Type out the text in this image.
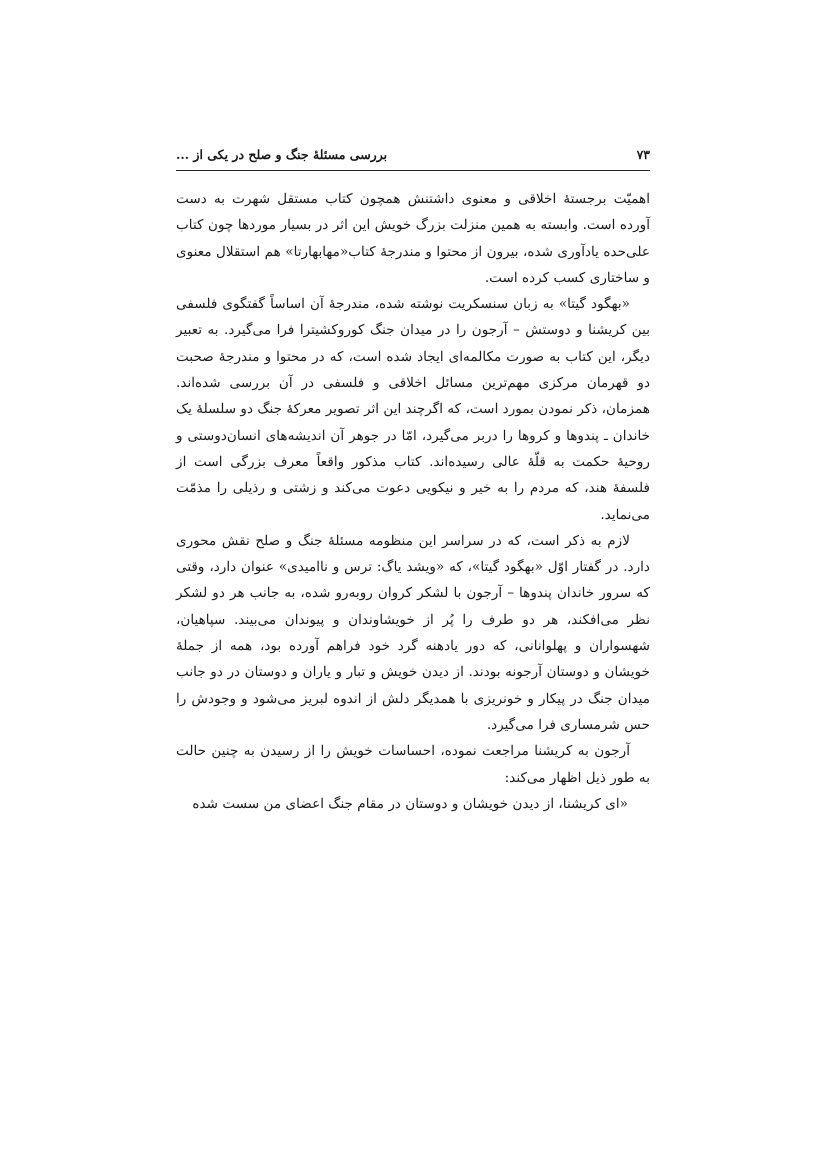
۷۳
بررسی مسئلۀ جنگ و صلح در یکی از ...

اهمیّت برجستۀ اخلاقی و معنوی داشتنش همچون کتاب مستقل شهرت به دست آورده است. وابسته به همین منزلت بزرگ خویش این اثر در بسیار موردها چون کتاب علی‌حده یادآوری شده، بیرون از محتوا و مندرجۀ کتاب«مهابهارتا» هم استقلال معنوی و ساختاری کسب کرده است.

«بهگود گیتا» به زبان سنسکریت نوشته شده، مندرجۀ آن اساساً گفتگوی فلسفی بین کریشنا و دوستش – آرجون را در میدان جنگ کوروکشیترا فرا می‌گیرد. به تعبیر دیگر، این کتاب به صورت مکالمه‌ای ایجاد شده است، که در محتوا و مندرجۀ صحبت دو قهرمان مرکزی مهم‌ترین مسائل اخلاقی و فلسفی در آن بررسی شده‌اند. همزمان، ذکر نمودن بمورد است، که اگرچند این اثر تصویر معرکۀ جنگ دو سلسلۀ یک خاندان ـ پندوها و کروها را دربر می‌گیرد، امّا در جوهر آن اندیشه‌های انسان‌دوستی و روحیۀ حکمت به قلّۀ عالی رسیده‌اند. کتاب مذکور واقعاً معرف بزرگی است از فلسفۀ هند، که مردم را به خیر و نیکویی دعوت می‌کند و زشتی و رذیلی را مذمّت می‌نماید.

لازم به ذکر است، که در سراسر این منظومه مسئلۀ جنگ و صلح نقش محوری دارد. در گفتار اوّل «بهگود گیتا»، که «ویشد یاگ: ترس و ناامیدی» عنوان دارد، وقتی که سرور خاندان پندوها – آرجون با لشکر کروان روبه‌رو شده، به جانب هر دو لشکر نظر می‌افکند، هر دو طرف را پُر از خویشاوندان و پیوندان می‌بیند. سپاهیان، شهسواران و پهلوانانی، که دور یادهنه گرد خود فراهم آورده بود، همه از جملۀ خویشان و دوستان آرجونه بودند. از دیدن خویش و تبار و یاران و دوستان در دو جانب میدان جنگ در پیکار و خونریزی با همدیگر دلش از اندوه لبریز می‌شود و وجودش را حس شرمساری فرا می‌گیرد.

آرجون به کریشنا مراجعت نموده، احساسات خویش را از رسیدن به چنین حالت به طور ذیل اظهار می‌کند:

«ای کریشنا، از دیدن خویشان و دوستان در مقام جنگ اعضای من سست شده
